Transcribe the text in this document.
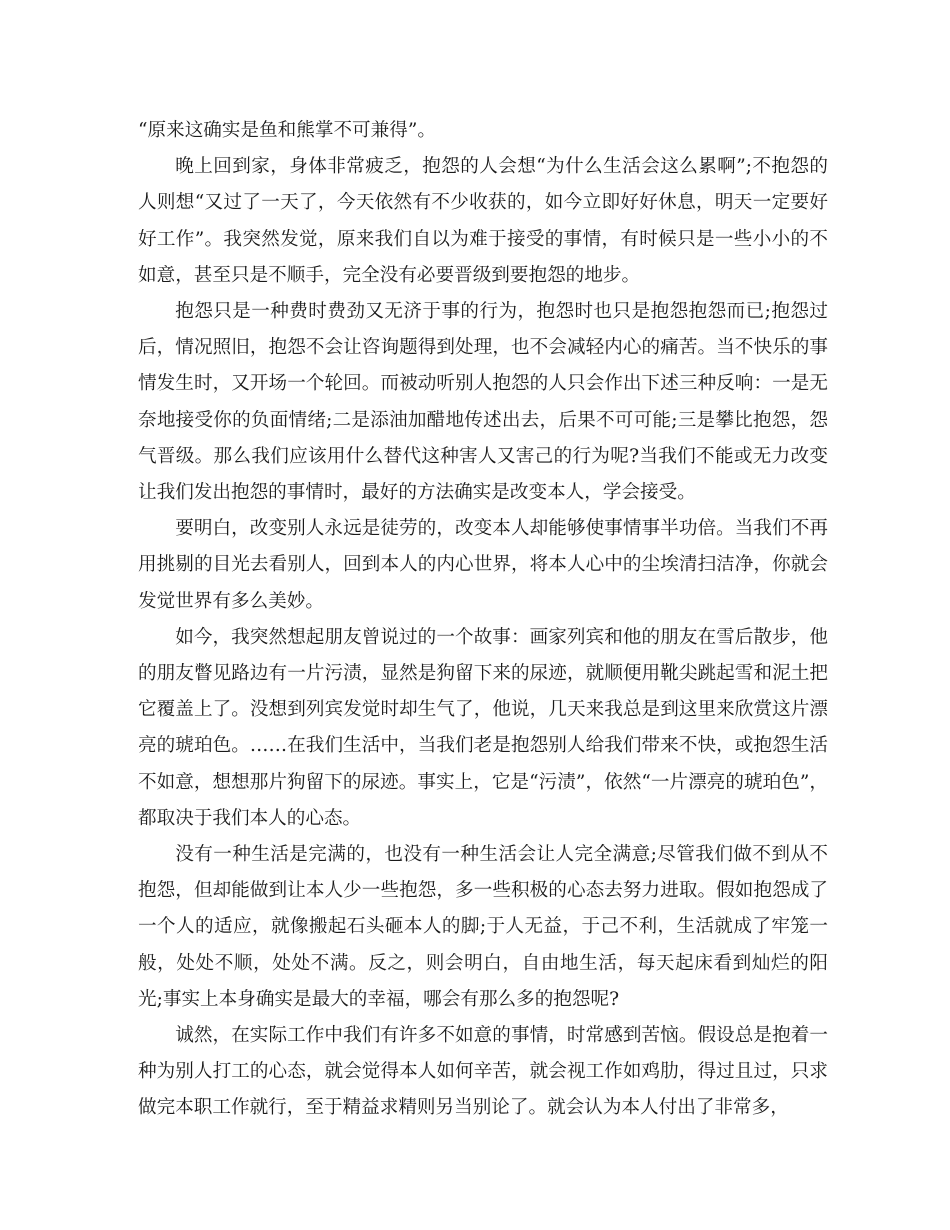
“原来这确实是鱼和熊掌不可兼得”。

晚上回到家，身体非常疲乏，抱怨的人会想“为什么生活会这么累啊”;不抱怨的人则想“又过了一天了，今天依然有不少收获的，如今立即好好休息，明天一定要好好工作”。我突然发觉，原来我们自以为难于接受的事情，有时候只是一些小小的不如意，甚至只是不顺手，完全没有必要晋级到要抱怨的地步。

抱怨只是一种费时费劲又无济于事的行为，抱怨时也只是抱怨抱怨而已;抱怨过后，情况照旧，抱怨不会让咨询题得到处理，也不会减轻内心的痛苦。当不快乐的事情发生时，又开场一个轮回。而被动听别人抱怨的人只会作出下述三种反响：一是无奈地接受你的负面情绪;二是添油加醋地传述出去，后果不可可能;三是攀比抱怨，怨气晋级。那么我们应该用什么替代这种害人又害己的行为呢?当我们不能或无力改变让我们发出抱怨的事情时，最好的方法确实是改变本人，学会接受。

要明白，改变别人永远是徒劳的，改变本人却能够使事情事半功倍。当我们不再用挑剔的目光去看别人，回到本人的内心世界，将本人心中的尘埃清扫洁净，你就会发觉世界有多么美妙。

如今，我突然想起朋友曾说过的一个故事：画家列宾和他的朋友在雪后散步，他的朋友瞥见路边有一片污渍，显然是狗留下来的尿迹，就顺便用靴尖跳起雪和泥土把它覆盖上了。没想到列宾发觉时却生气了，他说，几天来我总是到这里来欣赏这片漂亮的琥珀色。……在我们生活中，当我们老是抱怨别人给我们带来不快，或抱怨生活不如意，想想那片狗留下的尿迹。事实上，它是“污渍”，依然“一片漂亮的琥珀色”，都取决于我们本人的心态。

没有一种生活是完满的，也没有一种生活会让人完全满意;尽管我们做不到从不抱怨，但却能做到让本人少一些抱怨，多一些积极的心态去努力进取。假如抱怨成了一个人的适应，就像搬起石头砸本人的脚;于人无益，于己不利，生活就成了牢笼一般，处处不顺，处处不满。反之，则会明白，自由地生活，每天起床看到灿烂的阳光;事实上本身确实是最大的幸福，哪会有那么多的抱怨呢?

诚然，在实际工作中我们有许多不如意的事情，时常感到苦恼。假设总是抱着一种为别人打工的心态，就会觉得本人如何辛苦，就会视工作如鸡肋，得过且过，只求做完本职工作就行，至于精益求精则另当别论了。就会认为本人付出了非常多，
